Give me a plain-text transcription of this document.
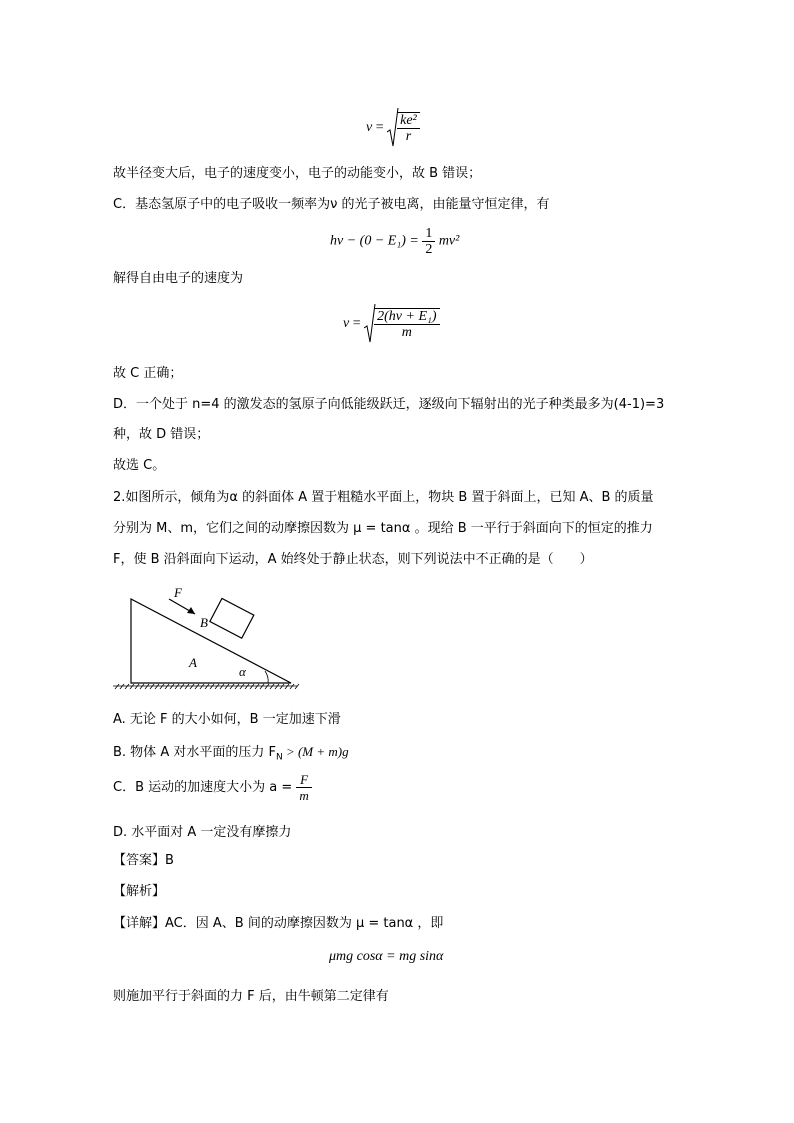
$v = \frac{\text{ke²}}{r}$
故半径变大后，电子的速度变小，电子的动能变小，故 B 错误；
C．基态氢原子中的电子吸收一频率为ν 的光子被电离，由能量守恒定律，有
$h\nu - (0 - E_1) = \frac{1}{2} mv^2$
解得自由电子的速度为
$v = \frac{\text{2(hν + E₁)}}{m}$
故 C 正确；
D．一个处于 n=4 的激发态的氢原子向低能级跃迁，逐级向下辐射出的光子种类最多为(4-1)=3
种，故 D 错误；
故选 C。
2.如图所示，倾角为α 的斜面体 A 置于粗糙水平面上，物块 B 置于斜面上，已知 A、B 的质量
分别为 M、m，它们之间的动摩擦因数为 μ = tanα 。现给 B 一平行于斜面向下的恒定的推力
F，使 B 沿斜面向下运动，A 始终处于静止状态，则下列说法中不正确的是（　　）
F
B
A
α
A. 无论 F 的大小如何，B 一定加速下滑
B. 物体 A 对水平面的压力 $F_N > (M + m)g$
C．B 运动的加速度大小为 $a = \frac{F}{m}$
D. 水平面对 A 一定没有摩擦力
【答案】B
【解析】
【详解】AC．因 A、B 间的动摩擦因数为 μ = tanα ，即
μmg cosα = mg sinα
则施加平行于斜面的力 F 后，由牛顿第二定律有
